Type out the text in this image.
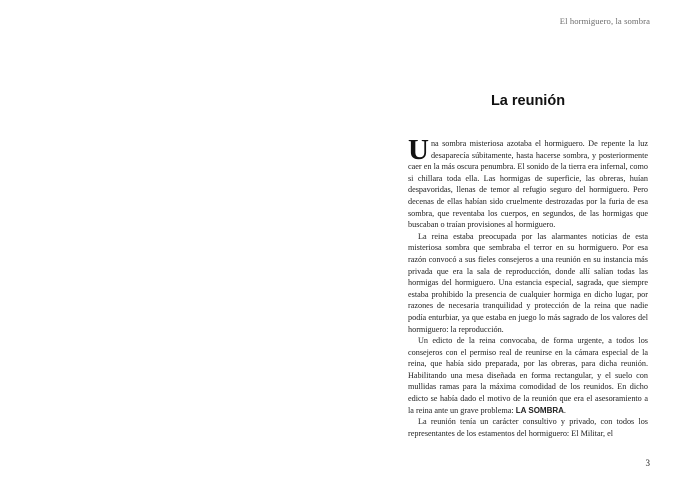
El hormiguero, la sombra
La reunión

Una sombra misteriosa azotaba el hormiguero. De repente la luz desaparecía súbitamente, hasta hacerse sombra, y posteriormente caer en la más oscura penumbra. El sonido de la tierra era infernal, como si chillara toda ella. Las hormigas de superficie, las obreras, huían despavoridas, llenas de temor al refugio seguro del hormiguero. Pero decenas de ellas habían sido cruelmente destrozadas por la furia de esa sombra, que reventaba los cuerpos, en segundos, de las hormigas que buscaban o traían provisiones al hormiguero.

La reina estaba preocupada por las alarmantes noticias de esta misteriosa sombra que sembraba el terror en su hormiguero. Por esa razón convocó a sus fieles consejeros a una reunión en su instancia más privada que era la sala de reproducción, donde allí salían todas las hormigas del hormiguero. Una estancia especial, sagrada, que siempre estaba prohibido la presencia de cualquier hormiga en dicho lugar, por razones de necesaria tranquilidad y protección de la reina que nadie podía enturbiar, ya que estaba en juego lo más sagrado de los valores del hormiguero: la reproducción.

Un edicto de la reina convocaba, de forma urgente, a todos los consejeros con el permiso real de reunirse en la cámara especial de la reina, que había sido preparada, por las obreras, para dicha reunión. Habilitando una mesa diseñada en forma rectangular, y el suelo con mullidas ramas para la máxima comodidad de los reunidos. En dicho edicto se había dado el motivo de la reunión que era el asesoramiento a la reina ante un grave problema: LA SOMBRA.

La reunión tenía un carácter consultivo y privado, con todos los representantes de los estamentos del hormiguero: El Militar, el

3
